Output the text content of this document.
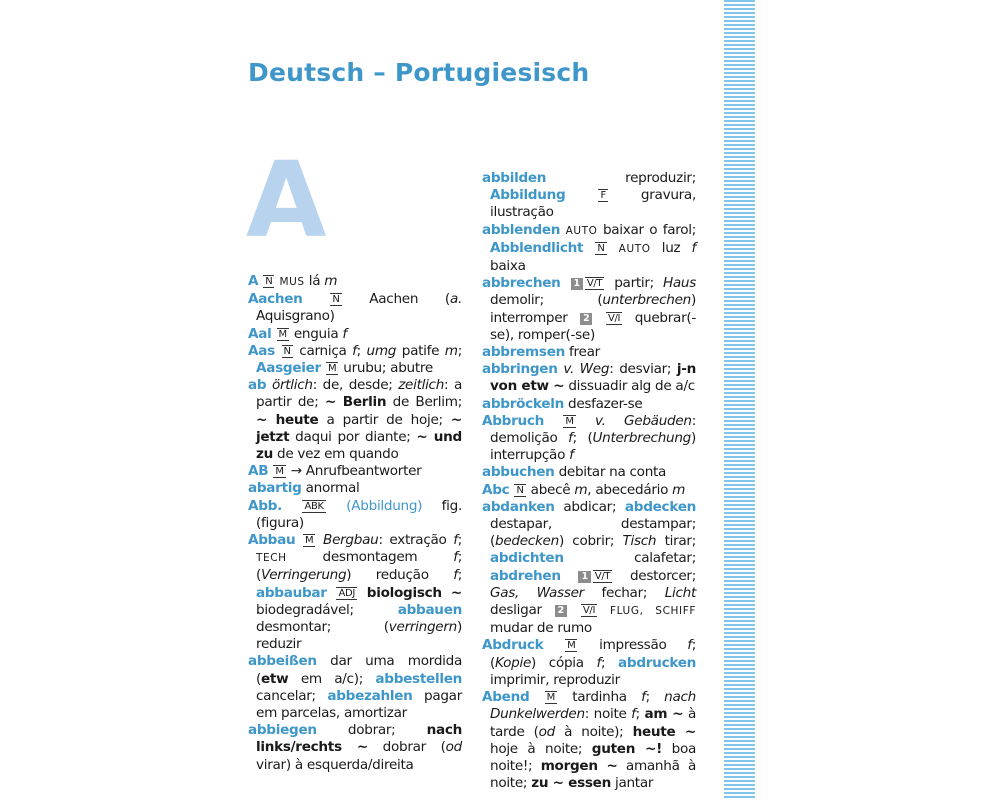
Deutsch – Portugiesisch
A
A N MUS lá m
Aachen	N Aachen (a. Aquisgrano)
Aal M enguia f
Aas N carniça f; umg patife m; Aasgeier M urubu; abutre
ab örtlich: de, desde; zeitlich: a partir de; ~ Berlin de Berlim; ~ heute a partir de hoje; ~ jetzt daqui por diante; ~ und zu de vez em quando
AB M → Anrufbeantworter
abartig anormal
Abb. ABK (Abbildung) fig. (figura)
Abbau M Bergbau: extração f; TECH desmontagem f; (Verringerung) redução f; abbaubar ADJ biologisch ~ biodegradável; abbauen desmontar; (verringern) reduzir
abbeißen dar uma mordida (etw em a/c); abbestellen cancelar; abbezahlen pagar em parcelas, amortizar
abbiegen dobrar; nach links/rechts ~ dobrar (od virar) à esquerda/direita
abbilden reproduzir; Abbildung	F gravura, ilustração
abblenden AUTO baixar o farol; Abblendlicht N AUTO luz f baixa
abbrechen 1 V/T partir; Haus demolir; (unterbrechen) interromper 2 V/I quebrar(-se), romper(-se)
abbremsen frear
abbringen v. Weg: desviar; j-n von etw ~ dissuadir alg de a/c
abbröckeln desfazer-se
Abbruch M v. Gebäuden: demolição f; (Unterbrechung) interrupção f
abbuchen debitar na conta
Abc N abecê m, abecedário m
abdanken abdicar; abdecken destapar, destampar; (bedecken) cobrir; Tisch tirar; abdichten calafetar; abdrehen 1 V/T destorcer; Gas, Wasser fechar; Licht desligar 2 V/I FLUG, SCHIFF mudar de rumo
Abdruck M impressão f; (Kopie) cópia f; abdrucken imprimir, reproduzir
Abend M tardinha f; nach Dunkelwerden: noite f; am ~ à tarde (od à noite); heute ~ hoje à noite; guten ~! boa noite!; morgen ~ amanhã à noite; zu ~ essen jantar
